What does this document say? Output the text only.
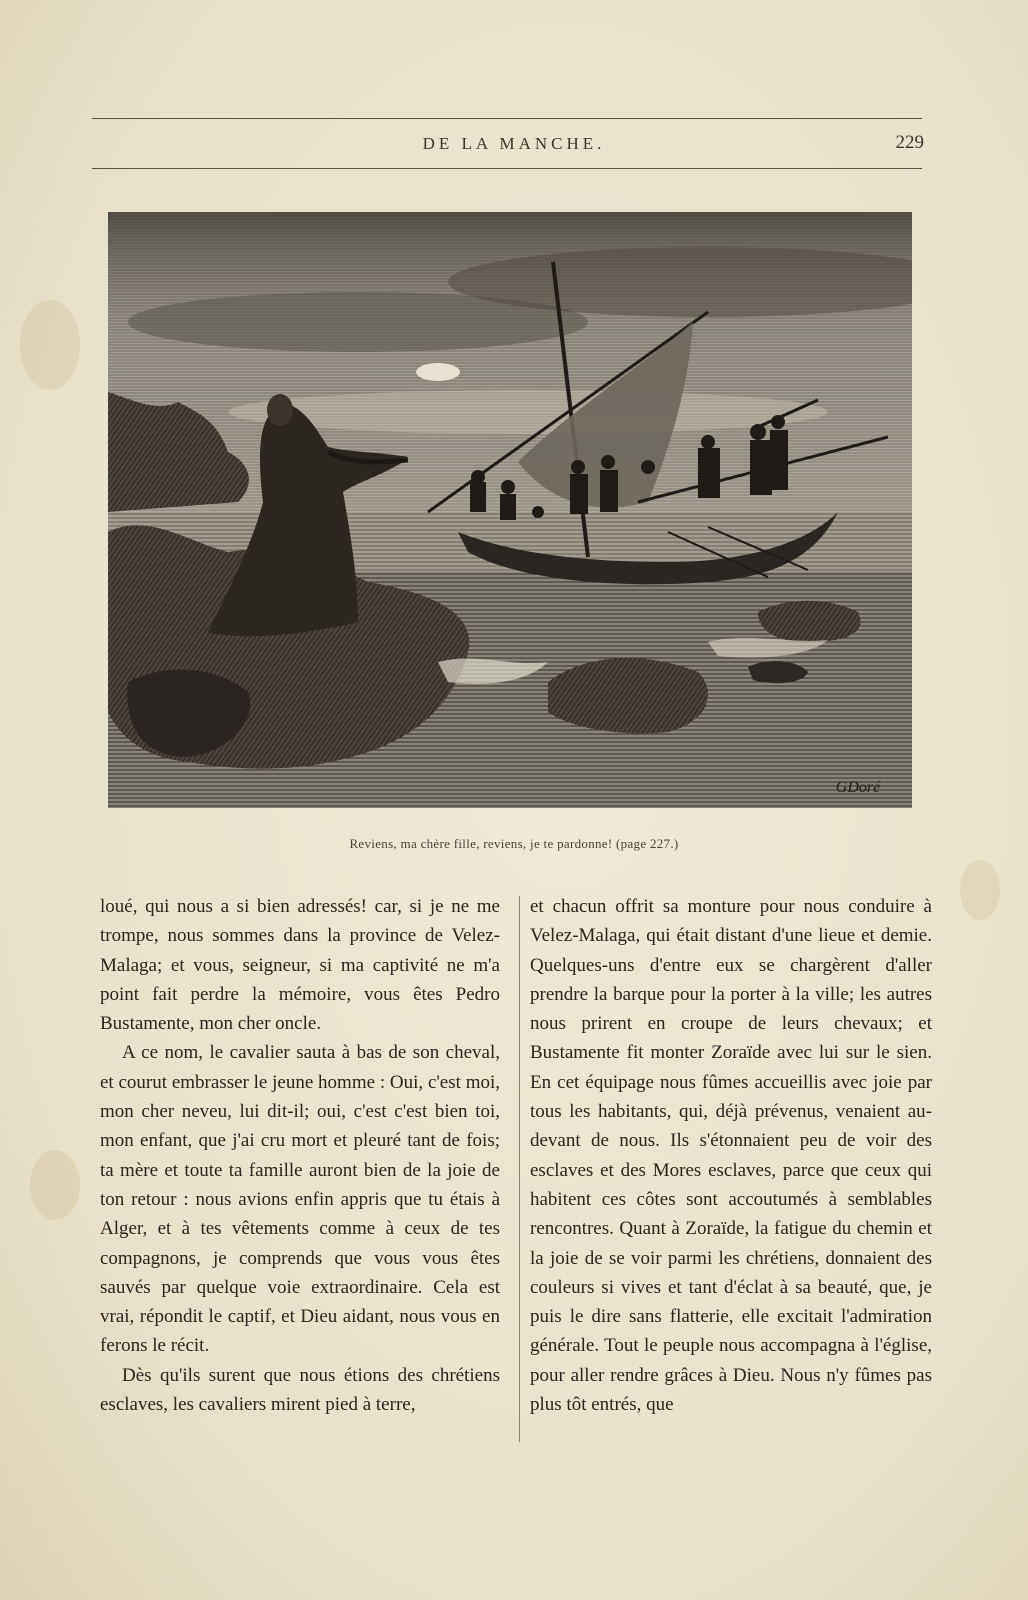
DE LA MANCHE.	229
GDoré
Reviens, ma chère fille, reviens, je te pardonne! (page 227.)

loué, qui nous a si bien adressés! car, si je ne me trompe, nous sommes dans la province de Velez-Malaga; et vous, seigneur, si ma captivité ne m'a point fait perdre la mémoire, vous êtes Pedro Bustamente, mon cher oncle.

A ce nom, le cavalier sauta à bas de son cheval, et courut embrasser le jeune homme : Oui, c'est moi, mon cher neveu, lui dit-il; oui, c'est c'est bien toi, mon enfant, que j'ai cru mort et pleuré tant de fois; ta mère et toute ta famille auront bien de la joie de ton retour : nous avions enfin appris que tu étais à Alger, et à tes vêtements comme à ceux de tes compagnons, je comprends que vous vous êtes sauvés par quelque voie extraordinaire. Cela est vrai, répondit le captif, et Dieu aidant, nous vous en ferons le récit.

Dès qu'ils surent que nous étions des chrétiens esclaves, les cavaliers mirent pied à terre,

et chacun offrit sa monture pour nous conduire à Velez-Malaga, qui était distant d'une lieue et demie. Quelques-uns d'entre eux se chargèrent d'aller prendre la barque pour la porter à la ville; les autres nous prirent en croupe de leurs chevaux; et Bustamente fit monter Zoraïde avec lui sur le sien. En cet équipage nous fûmes accueillis avec joie par tous les habitants, qui, déjà prévenus, venaient au-devant de nous. Ils s'étonnaient peu de voir des esclaves et des Mores esclaves, parce que ceux qui habitent ces côtes sont accoutumés à semblables rencontres. Quant à Zoraïde, la fatigue du chemin et la joie de se voir parmi les chrétiens, donnaient des couleurs si vives et tant d'éclat à sa beauté, que, je puis le dire sans flatterie, elle excitait l'admiration générale. Tout le peuple nous accompagna à l'église, pour aller rendre grâces à Dieu. Nous n'y fûmes pas plus tôt entrés, que
